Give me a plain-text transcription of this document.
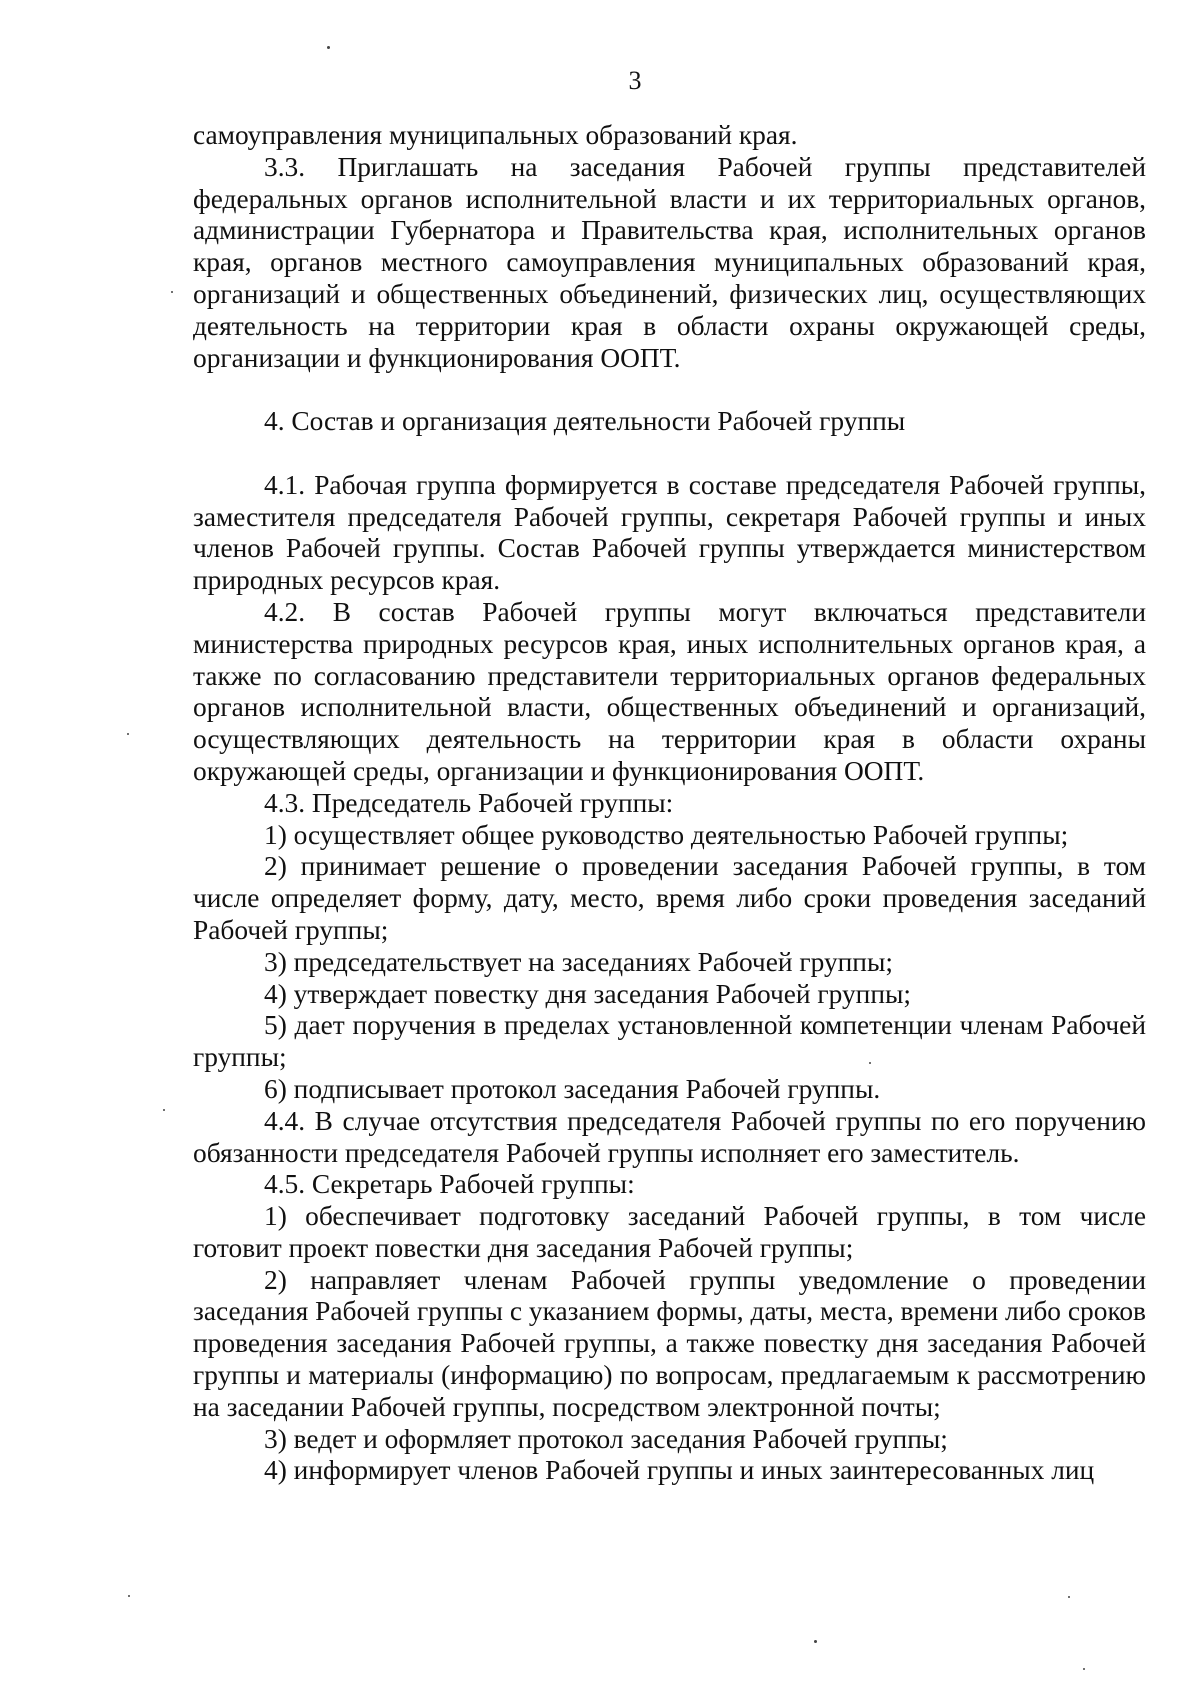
3

самоуправления муниципальных образований края.

3.3. Приглашать на заседания Рабочей группы представителей федеральных органов исполнительной власти и их территориальных органов, администрации Губернатора и Правительства края, исполнительных органов края, органов местного самоуправления муниципальных образований края, организаций и общественных объединений, физических лиц, осуществляющих деятельность на территории края в области охраны окружающей среды, организации и функционирования ООПТ.

4. Состав и организация деятельности Рабочей группы

4.1. Рабочая группа формируется в составе председателя Рабочей группы, заместителя председателя Рабочей группы, секретаря Рабочей группы и иных членов Рабочей группы. Состав Рабочей группы утверждается министерством природных ресурсов края.

4.2. В состав Рабочей группы могут включаться представители министерства природных ресурсов края, иных исполнительных органов края, а также по согласованию представители территориальных органов федеральных органов исполнительной власти, общественных объединений и организаций, осуществляющих деятельность на территории края в области охраны окружающей среды, организации и функционирования ООПТ.

4.3. Председатель Рабочей группы:

1) осуществляет общее руководство деятельностью Рабочей группы;

2) принимает решение о проведении заседания Рабочей группы, в том числе определяет форму, дату, место, время либо сроки проведения заседаний Рабочей группы;

3) председательствует на заседаниях Рабочей группы;

4) утверждает повестку дня заседания Рабочей группы;

5) дает поручения в пределах установленной компетенции членам Рабочей группы;

6) подписывает протокол заседания Рабочей группы.

4.4. В случае отсутствия председателя Рабочей группы по его поручению обязанности председателя Рабочей группы исполняет его заместитель.

4.5. Секретарь Рабочей группы:

1) обеспечивает подготовку заседаний Рабочей группы, в том числе готовит проект повестки дня заседания Рабочей группы;

2) направляет членам Рабочей группы уведомление о проведении заседания Рабочей группы с указанием формы, даты, места, времени либо сроков проведения заседания Рабочей группы, а также повестку дня заседания Рабочей группы и материалы (информацию) по вопросам, предлагаемым к рассмотрению на заседании Рабочей группы, посредством электронной почты;

3) ведет и оформляет протокол заседания Рабочей группы;

4) информирует членов Рабочей группы и иных заинтересованных лиц
